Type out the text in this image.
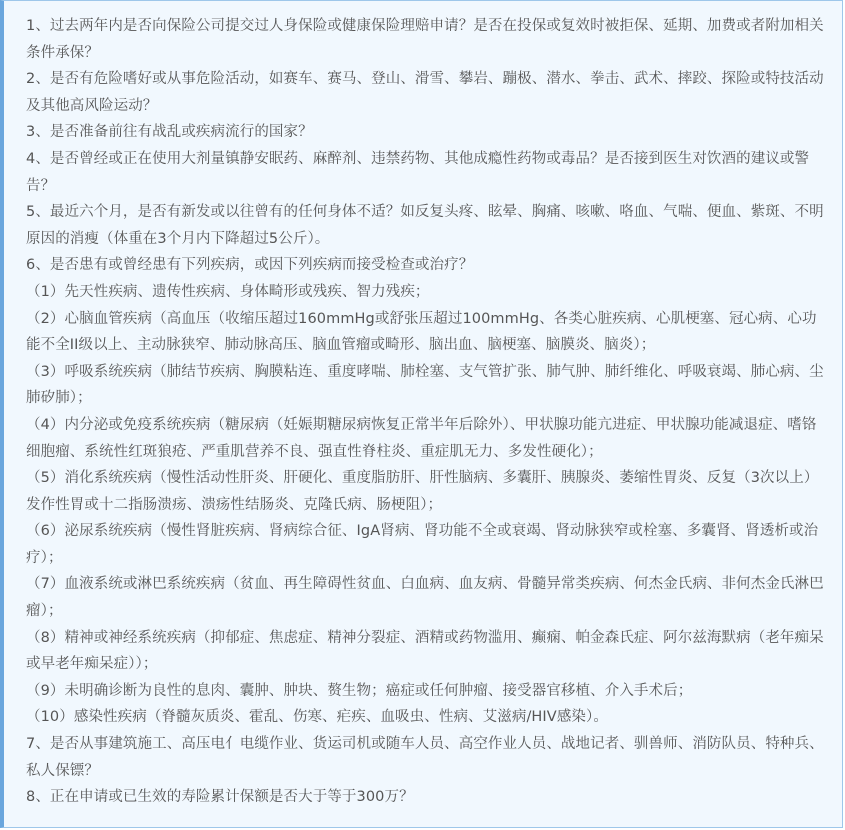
1、过去两年内是否向保险公司提交过人身保险或健康保险理赔申请？是否在投保或复效时被拒保、延期、加费或者附加相关条件承保？

2、是否有危险嗜好或从事危险活动，如赛车、赛马、登山、滑雪、攀岩、蹦极、潜水、拳击、武术、摔跤、探险或特技活动及其他高风险运动？

3、是否准备前往有战乱或疾病流行的国家？

4、是否曾经或正在使用大剂量镇静安眠药、麻醉剂、违禁药物、其他成瘾性药物或毒品？是否接到医生对饮酒的建议或警告？

5、最近六个月，是否有新发或以往曾有的任何身体不适？如反复头疼、眩晕、胸痛、咳嗽、咯血、气喘、便血、紫斑、不明原因的消瘦（体重在3个月内下降超过5公斤）。

6、是否患有或曾经患有下列疾病，或因下列疾病而接受检查或治疗？

（1）先天性疾病、遗传性疾病、身体畸形或残疾、智力残疾；

（2）心脑血管疾病（高血压（收缩压超过160mmHg或舒张压超过100mmHg、各类心脏疾病、心肌梗塞、冠心病、心功能不全II级以上、主动脉狭窄、肺动脉高压、脑血管瘤或畸形、脑出血、脑梗塞、脑膜炎、脑炎）；

（3）呼吸系统疾病（肺结节疾病、胸膜粘连、重度哮喘、肺栓塞、支气管扩张、肺气肿、肺纤维化、呼吸衰竭、肺心病、尘肺矽肺）；

（4）内分泌或免疫系统疾病（糖尿病（妊娠期糖尿病恢复正常半年后除外）、甲状腺功能亢进症、甲状腺功能减退症、嗜铬细胞瘤、系统性红斑狼疮、严重肌营养不良、强直性脊柱炎、重症肌无力、多发性硬化）；

（5）消化系统疾病（慢性活动性肝炎、肝硬化、重度脂肪肝、肝性脑病、多囊肝、胰腺炎、萎缩性胃炎、反复（3次以上）发作性胃或十二指肠溃疡、溃疡性结肠炎、克隆氏病、肠梗阻）；

（6）泌尿系统疾病（慢性肾脏疾病、肾病综合征、IgA肾病、肾功能不全或衰竭、肾动脉狭窄或栓塞、多囊肾、肾透析或治疗）；

（7）血液系统或淋巴系统疾病（贫血、再生障碍性贫血、白血病、血友病、骨髓异常类疾病、何杰金氏病、非何杰金氏淋巴瘤）；

（8）精神或神经系统疾病（抑郁症、焦虑症、精神分裂症、酒精或药物滥用、癫痫、帕金森氏症、阿尔兹海默病（老年痴呆或早老年痴呆症））；

（9）未明确诊断为良性的息肉、囊肿、肿块、赘生物；癌症或任何肿瘤、接受器官移植、介入手术后；

（10）感染性疾病（脊髓灰质炎、霍乱、伤寒、疟疾、血吸虫、性病、艾滋病/HIV感染）。

7、是否从事建筑施工、高压电⺅电缆作业、货运司机或随车人员、高空作业人员、战地记者、驯兽师、消防队员、特种兵、私人保镖？

8、正在申请或已生效的寿险累计保额是否大于等于300万？
